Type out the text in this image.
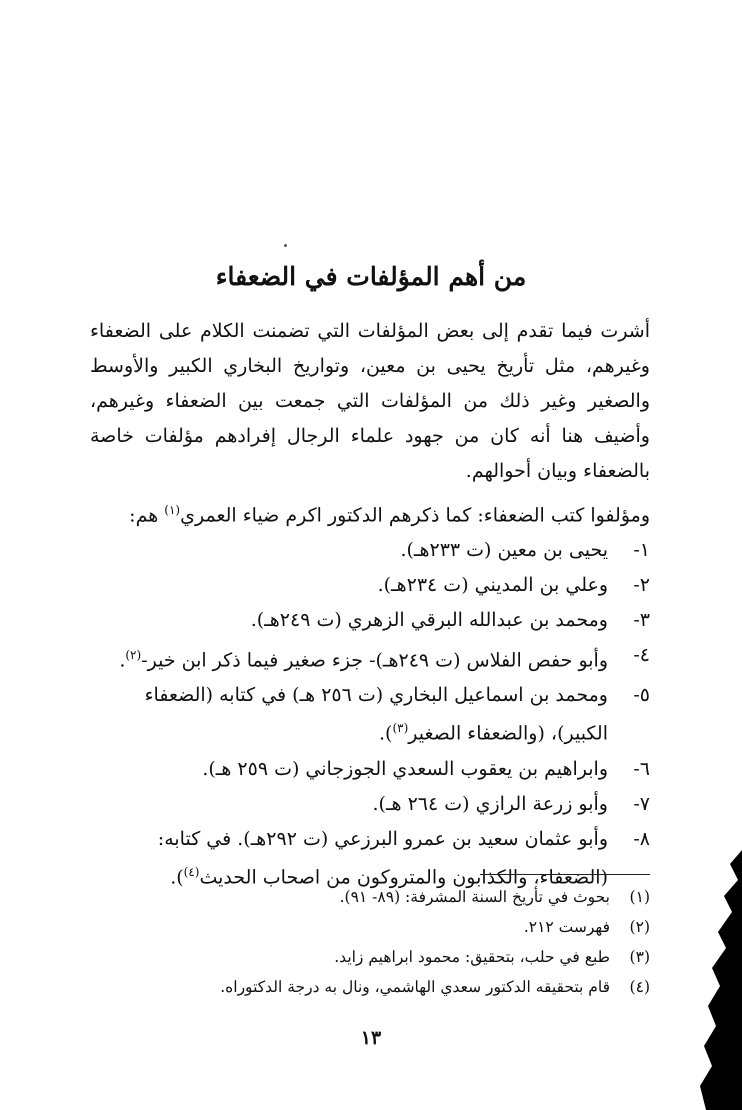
من أهم المؤلفات في الضعفاء

أشرت فيما تقدم إلى بعض المؤلفات التي تضمنت الكلام على الضعفاء وغيرهم، مثل تأريخ يحيى بن معين، وتواريخ البخاري الكبير والأوسط والصغير وغير ذلك من المؤلفات التي جمعت بين الضعفاء وغيرهم، وأضيف هنا أنه كان من جهود علماء الرجال إفرادهم مؤلفات خاصة بالضعفاء وبيان أحوالهم.

ومؤلفوا كتب الضعفاء: كما ذكرهم الدكتور اكرم ضياء العمري$^{(١)}$ هم:

١-
يحيى بن معين (ت ٢٣٣هـ).
٢-
وعلي بن المديني (ت ٢٣٤هـ).
٣-
ومحمد بن عبدالله البرقي الزهري (ت ٢٤٩هـ).
٤-
وأبو حفص الفلاس (ت ٢٤٩هـ)- جزء صغير فيما ذكر ابن خير-$^{(٢)}$.
٥-
ومحمد بن اسماعيل البخاري (ت ٢٥٦ هـ) في كتابه (الضعفاء الكبير)، (والضعفاء الصغير$^{(٣)}$).
٦-
وابراهيم بن يعقوب السعدي الجوزجاني (ت ٢٥٩ هـ).
٧-
وأبو زرعة الرازي (ت ٢٦٤ هـ).
٨-
وأبو عثمان سعيد بن عمرو البرزعي (ت ٢٩٢هـ). في كتابه: (الضعفاء، والكذابون والمتروكون من اصحاب الحديث$^{(٤)}$).
(١)
بحوث في تأريخ السنة المشرفة: (٨٩- ٩١).
(٢)
فهرست ٢١٢.
(٣)
طبع في حلب، بتحقيق: محمود ابراهيم زايد.
(٤)
قام بتحقيقه الدكتور سعدي الهاشمي، ونال به درجة الدكتوراه.
١٣
